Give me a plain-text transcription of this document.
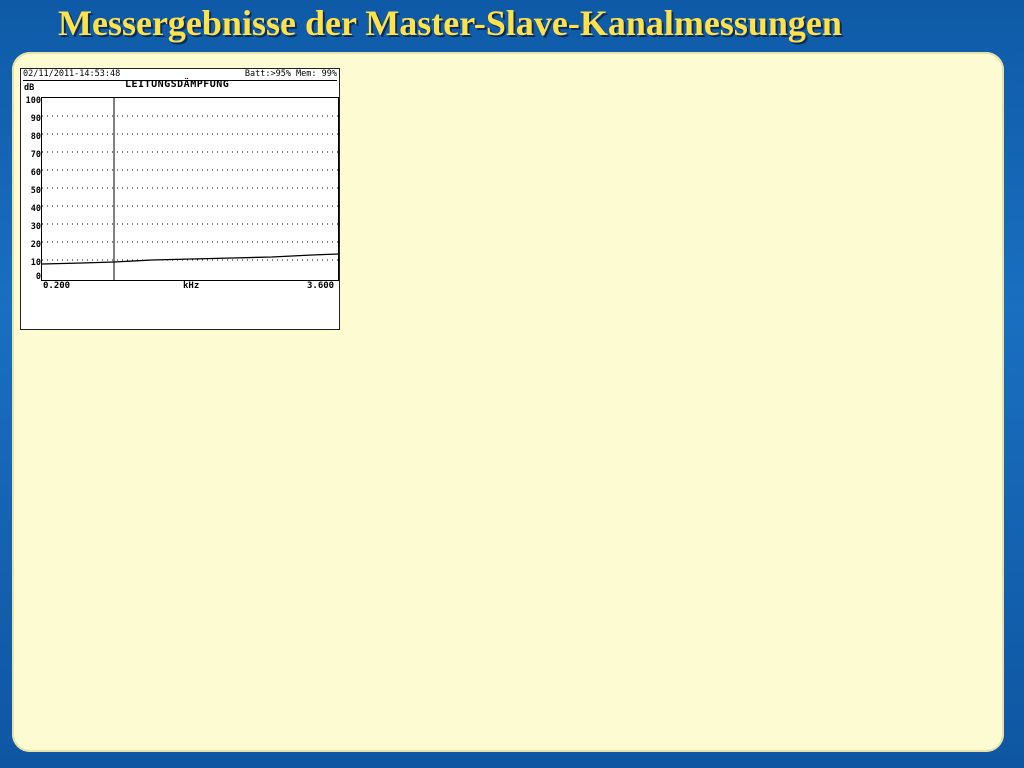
Messergebnisse der Master-Slave-Kanalmessungen
02/11/2011-14:53:48	Batt:>95% Mem: 99%
LEITUNGSDÄMPFUNG
dB
100
90
80
70
60
50
40
30
20
10
0
0.200	kHz	3.600
